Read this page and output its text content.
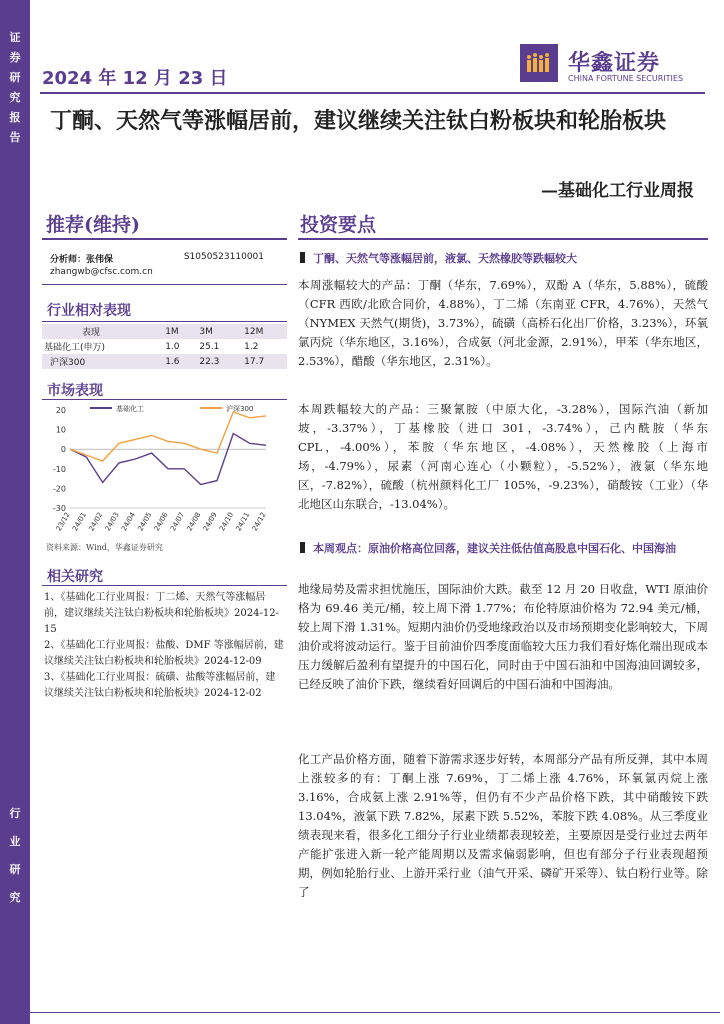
证
券
研
究
报
告
行
业
研
究
2024 年 12 月 23 日
华鑫证券
CHINA FORTUNE SECURITIES
丁酮、天然气等涨幅居前，建议继续关注钛白粉板块和轮胎板块
—基础化工行业周报
推荐(维持)
分析师：张伟保	S1050523110001
zhangwb@cfsc.com.cn
行业相对表现
表现	1M	3M	12M
基础化工(申万)	1.0	25.1	1.2
沪深300	1.6	22.3	17.7
市场表现
基础化工	沪深300
20
10
0
-10
-20
-30
23/12 24/01 24/02 24/03 24/04 24/05 24/06 24/07 24/08 24/09 24/10 24/11 24/12
资料来源：Wind，华鑫证券研究
相关研究

1、《基础化工行业周报：丁二烯、天然气等涨幅居前，建议继续关注钛白粉板块和轮胎板块》2024-12-15

2、《基础化工行业周报：盐酸、DMF 等涨幅居前，建议继续关注钛白粉板块和轮胎板块》2024-12-09

3、《基础化工行业周报：硫磺、盐酸等涨幅居前，建议继续关注钛白粉板块和轮胎板块》2024-12-02

投资要点
丁酮、天然气等涨幅居前，液氯、天然橡胶等跌幅较大

本周涨幅较大的产品：丁酮（华东，7.69%），双酚 A（华东，5.88%），硫酸（CFR 西欧/北欧合同价，4.88%），丁二烯（东南亚 CFR，4.76%），天然气（NYMEX 天然气(期货)，3.73%），硫磺（高桥石化出厂价格，3.23%），环氧氯丙烷（华东地区，3.16%），合成氨（河北金源，2.91%），甲苯（华东地区，2.53%），醋酸（华东地区，2.31%）。

本周跌幅较大的产品：三聚氰胺（中原大化，-3.28%），国际汽油（新加坡，-3.37%），丁基橡胶（进口 301，-3.74%），己内酰胺（华东 CPL，-4.00%），苯胺（华东地区，-4.08%），天然橡胶（上海市场，-4.79%），尿素（河南心连心（小颗粒），-5.52%），液氯（华东地区，-7.82%），硫酸（杭州颜料化工厂 105%，-9.23%），硝酸铵（工业）（华北地区山东联合，-13.04%）。

本周观点：原油价格高位回落，建议关注低估值高股息中国石化、中国海油

地缘局势及需求担忧施压，国际油价大跌。截至 12 月 20 日收盘，WTI 原油价格为 69.46 美元/桶，较上周下滑 1.77%；布伦特原油价格为 72.94 美元/桶，较上周下滑 1.31%。短期内油价仍受地缘政治以及市场预期变化影响较大，下周油价或将波动运行。鉴于目前油价四季度面临较大压力我们看好炼化端出现成本压力缓解后盈利有望提升的中国石化，同时由于中国石油和中国海油回调较多，已经反映了油价下跌，继续看好回调后的中国石油和中国海油。

化工产品价格方面，随着下游需求逐步好转，本周部分产品有所反弹，其中本周上涨较多的有：丁酮上涨 7.69%，丁二烯上涨 4.76%，环氧氯丙烷上涨 3.16%，合成氨上涨 2.91%等，但仍有不少产品价格下跌，其中硝酸铵下跌 13.04%，液氯下跌 7.82%，尿素下跌 5.52%，苯胺下跌 4.08%。从三季度业绩表现来看，很多化工细分子行业业绩都表现较差，主要原因是受行业过去两年产能扩张进入新一轮产能周期以及需求偏弱影响，但也有部分子行业表现超预期，例如轮胎行业、上游开采行业（油气开采、磷矿开采等）、钛白粉行业等。除了
